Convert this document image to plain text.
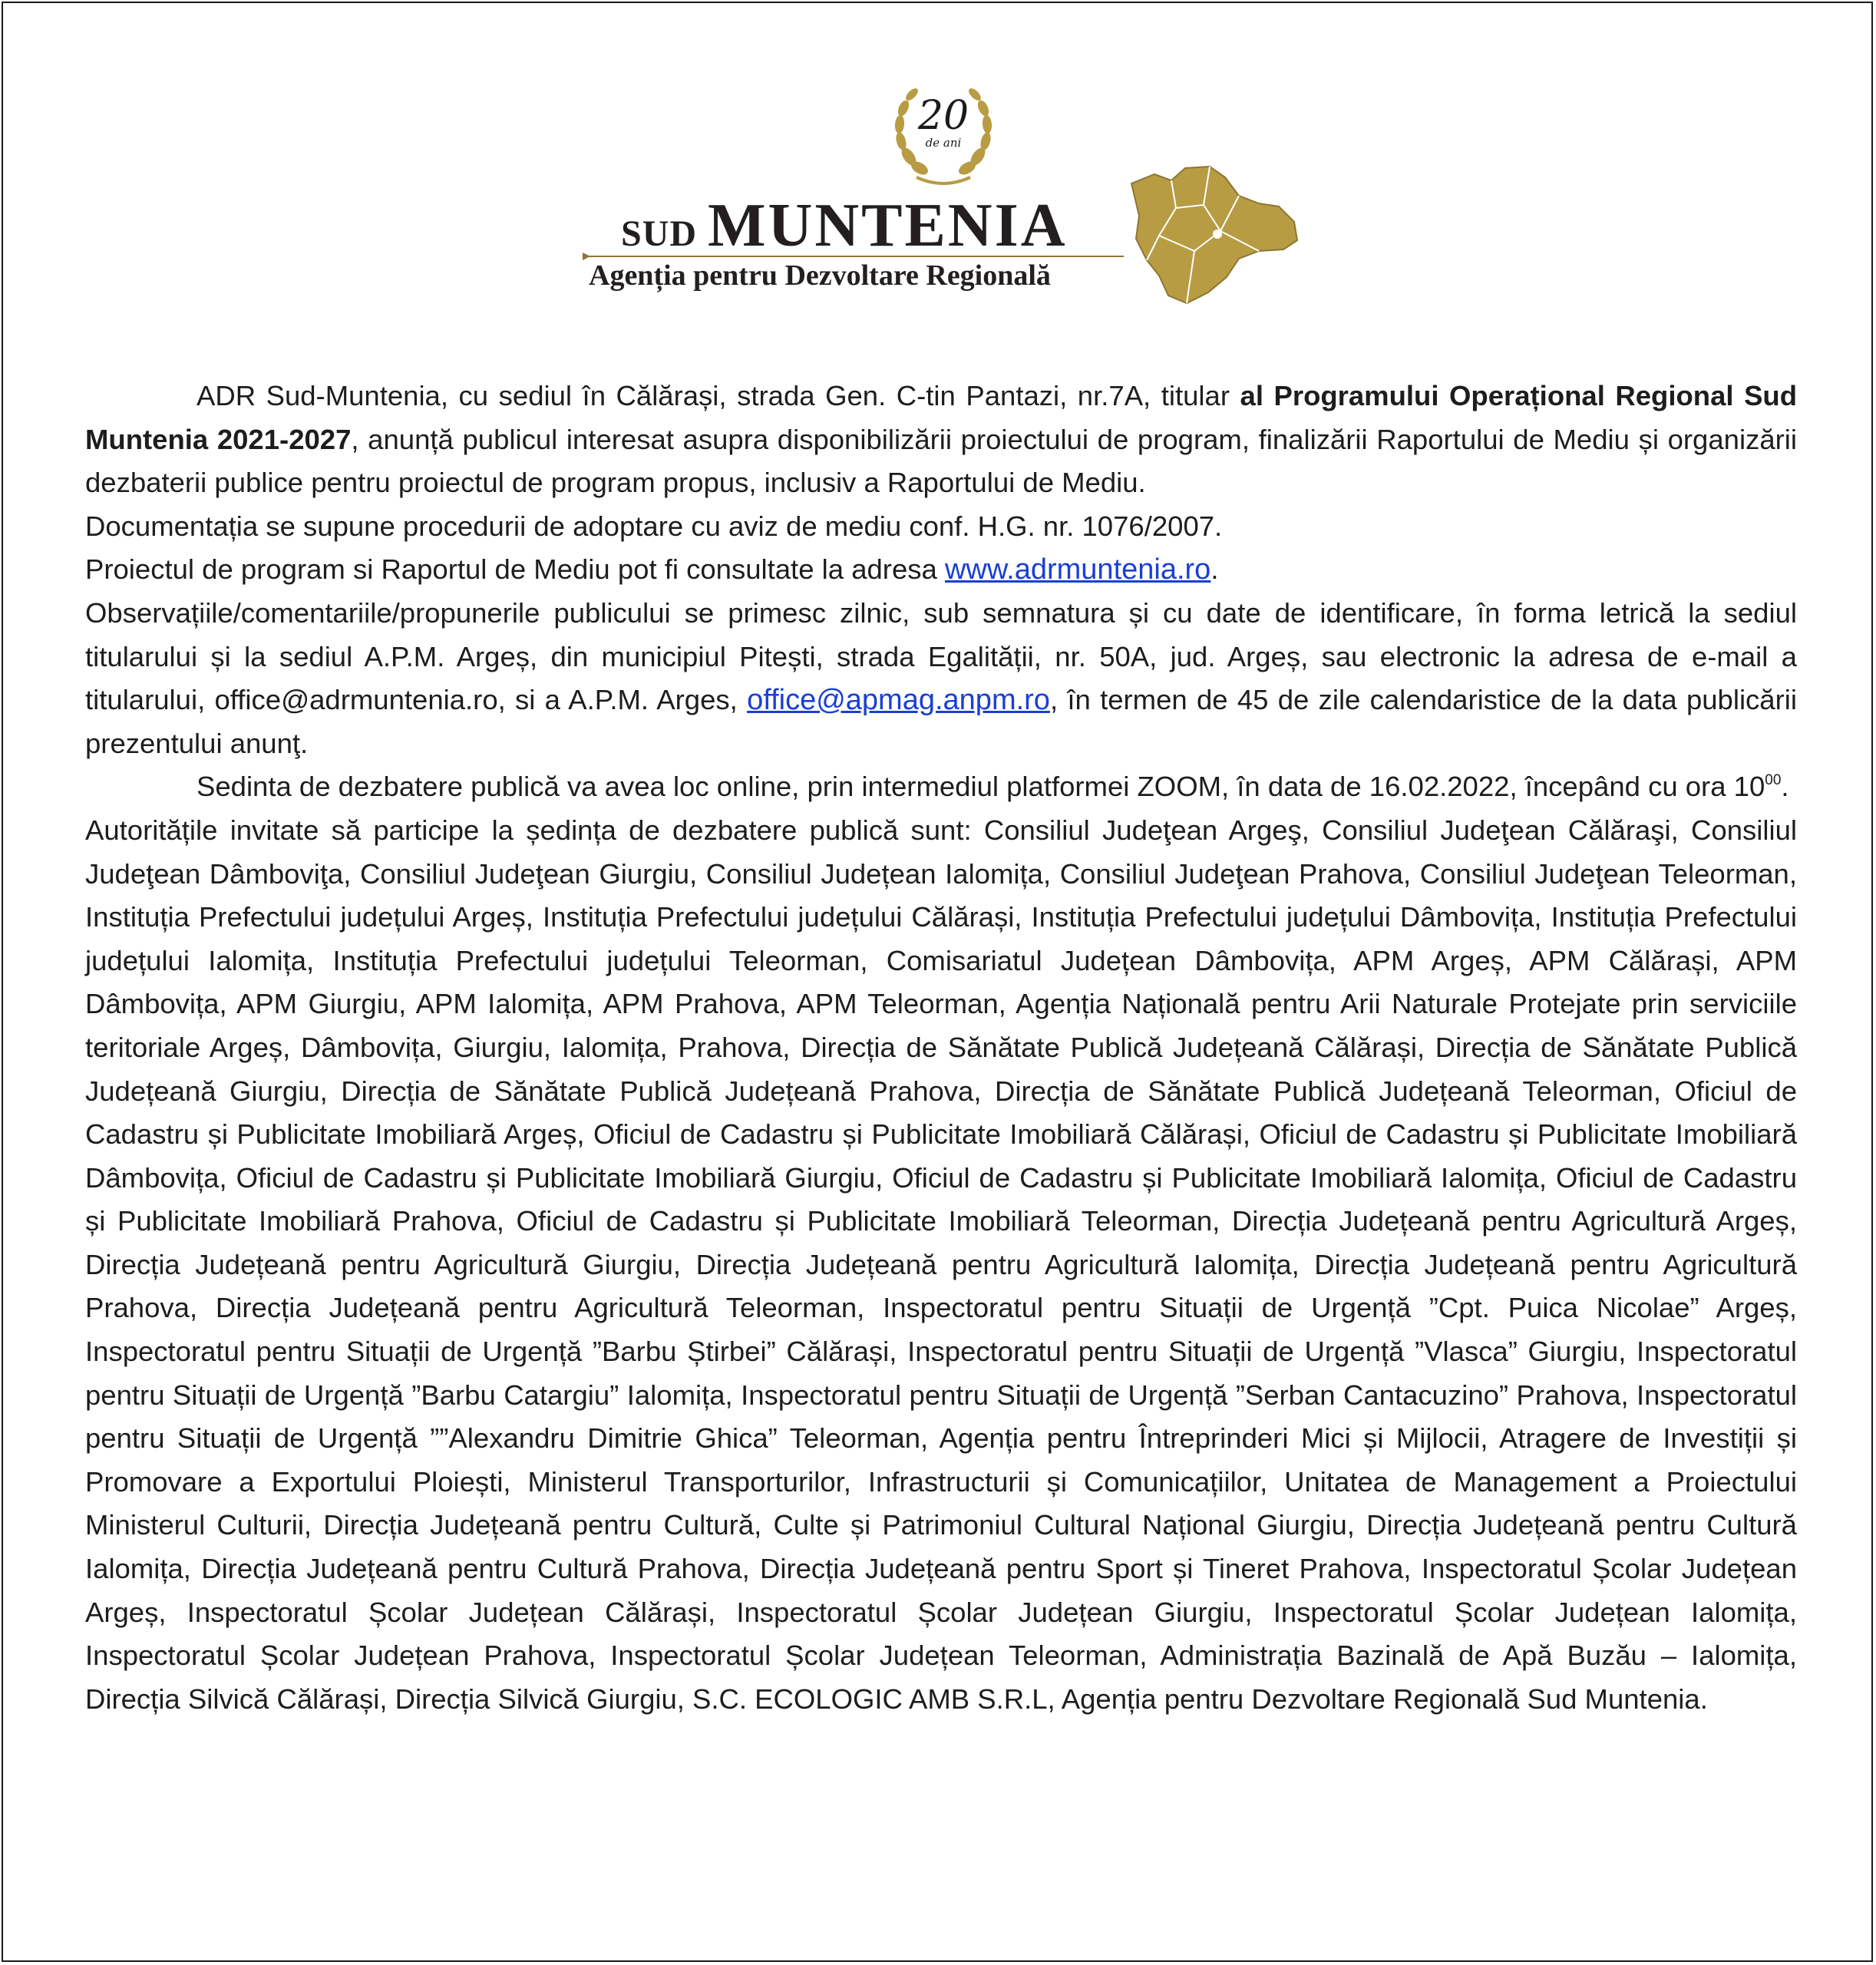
20
de ani
SUD MUNTENIA
Agenția pentru Dezvoltare Regională

ADR Sud-Muntenia, cu sediul în Călărași, strada Gen. C-tin Pantazi, nr.7A, titular al Programului Operațional Regional Sud Muntenia 2021-2027, anunță publicul interesat asupra disponibilizării proiectului de program, finalizării Raportului de Mediu și organizării dezbaterii publice pentru proiectul de program propus, inclusiv a Raportului de Mediu.

Documentația se supune procedurii de adoptare cu aviz de mediu conf. H.G. nr. 1076/2007.

Proiectul de program si Raportul de Mediu pot fi consultate la adresa www.adrmuntenia.ro.

Observațiile/comentariile/propunerile publicului se primesc zilnic, sub semnatura și cu date de identificare, în forma letrică la sediul titularului și la sediul A.P.M. Argeș, din municipiul Pitești, strada Egalității, nr. 50A, jud. Argeș, sau electronic la adresa de e-mail a titularului, office@adrmuntenia.ro, si a A.P.M. Arges, office@apmag.anpm.ro, în termen de 45 de zile calendaristice de la data publicării prezentului anunţ.

Sedinta de dezbatere publică va avea loc online, prin intermediul platformei ZOOM, în data de 16.02.2022, începând cu ora $10^{00}$.

Autoritățile invitate să participe la ședința de dezbatere publică sunt: Consiliul Judeţean Argeş, Consiliul Judeţean Călăraşi, Consiliul Judeţean Dâmboviţa, Consiliul Judeţean Giurgiu, Consiliul Județean Ialomița, Consiliul Judeţean Prahova, Consiliul Judeţean Teleorman, Instituția Prefectului județului Argeș, Instituția Prefectului județului Călărași, Instituția Prefectului județului Dâmbovița, Instituția Prefectului județului Ialomița, Instituția Prefectului județului Teleorman, Comisariatul Județean Dâmbovița, APM Argeș, APM Călărași, APM Dâmbovița, APM Giurgiu, APM Ialomița, APM Prahova, APM Teleorman, Agenția Națională pentru Arii Naturale Protejate prin serviciile teritoriale Argeș, Dâmbovița, Giurgiu, Ialomița, Prahova, Direcția de Sănătate Publică Județeană Călărași, Direcția de Sănătate Publică Județeană Giurgiu, Direcția de Sănătate Publică Județeană Prahova, Direcția de Sănătate Publică Județeană Teleorman, Oficiul de Cadastru și Publicitate Imobiliară Argeș, Oficiul de Cadastru și Publicitate Imobiliară Călărași, Oficiul de Cadastru și Publicitate Imobiliară Dâmbovița, Oficiul de Cadastru și Publicitate Imobiliară Giurgiu, Oficiul de Cadastru și Publicitate Imobiliară Ialomița, Oficiul de Cadastru și Publicitate Imobiliară Prahova, Oficiul de Cadastru și Publicitate Imobiliară Teleorman, Direcția Județeană pentru Agricultură Argeș, Direcția Județeană pentru Agricultură Giurgiu, Direcția Județeană pentru Agricultură Ialomița, Direcția Județeană pentru Agricultură Prahova, Direcția Județeană pentru Agricultură Teleorman, Inspectoratul pentru Situații de Urgență ”Cpt. Puica Nicolae” Argeș, Inspectoratul pentru Situații de Urgență ”Barbu Știrbei” Călărași, Inspectoratul pentru Situații de Urgență ”Vlasca” Giurgiu, Inspectoratul pentru Situații de Urgență ”Barbu Catargiu” Ialomița, Inspectoratul pentru Situații de Urgență ”Serban Cantacuzino” Prahova, Inspectoratul pentru Situații de Urgență ””Alexandru Dimitrie Ghica” Teleorman, Agenția pentru Întreprinderi Mici și Mijlocii, Atragere de Investiții și Promovare a Exportului Ploiești, Ministerul Transporturilor, Infrastructurii și Comunicațiilor, Unitatea de Management a Proiectului Ministerul Culturii, Direcția Județeană pentru Cultură, Culte și Patrimoniul Cultural Național Giurgiu, Direcția Județeană pentru Cultură Ialomița, Direcția Județeană pentru Cultură Prahova, Direcția Județeană pentru Sport și Tineret Prahova, Inspectoratul Școlar Județean Argeș, Inspectoratul Școlar Județean Călărași, Inspectoratul Școlar Județean Giurgiu, Inspectoratul Școlar Județean Ialomița, Inspectoratul Școlar Județean Prahova, Inspectoratul Școlar Județean Teleorman, Administrația Bazinală de Apă Buzău – Ialomița, Direcția Silvică Călărași, Direcția Silvică Giurgiu, S.C. ECOLOGIC AMB S.R.L, Agenția pentru Dezvoltare Regională Sud Muntenia.
